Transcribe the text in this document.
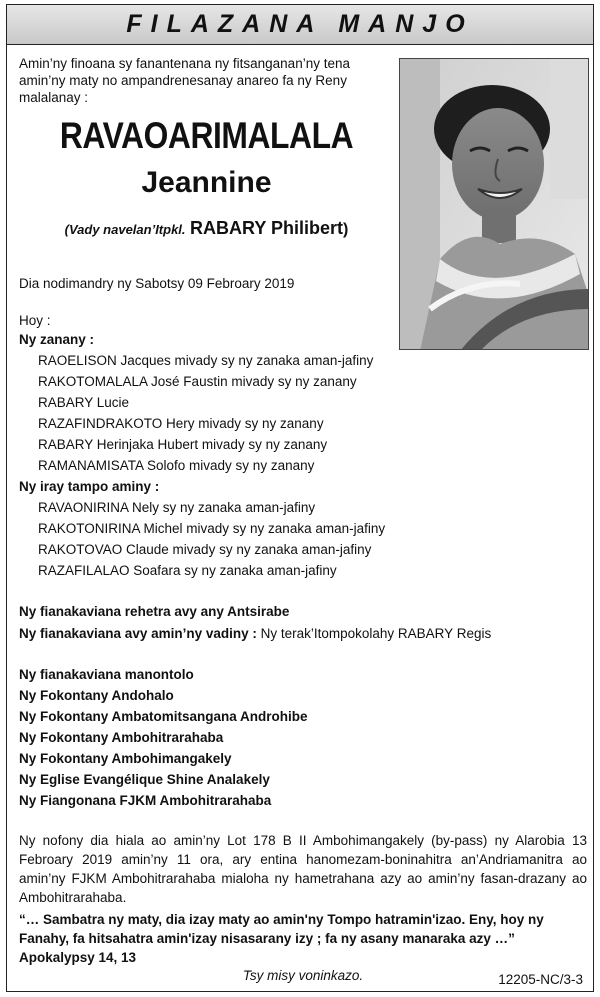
FILAZANA MANJO
Amin’ny finoana sy fanantenana ny fitsanganan’ny tena amin’ny maty no ampandrenesanay anareo fa ny Reny malalanay :
RAVAOARIMALALA
Jeannine
(Vady navelan’Itpkl. RABARY Philibert)
Dia nodimandry ny Sabotsy 09 Febroary 2019
Hoy :
Ny zanany :
RAOELISON Jacques mivady sy ny zanaka aman-jafiny
RAKOTOMALALA José Faustin mivady sy ny zanany
RABARY Lucie
RAZAFINDRAKOTO Hery mivady sy ny zanany
RABARY Herinjaka Hubert mivady sy ny zanany
RAMANAMISATA Solofo mivady sy ny zanany
Ny iray tampo aminy :
RAVAONIRINA Nely sy ny zanaka aman-jafiny
RAKOTONIRINA Michel mivady sy ny zanaka aman-jafiny
RAKOTOVAO Claude mivady sy ny zanaka aman-jafiny
RAZAFILALAO Soafara sy ny zanaka aman-jafiny
Ny fianakaviana rehetra avy any Antsirabe
Ny fianakaviana avy amin’ny vadiny : Ny terak’Itompokolahy RABARY Regis
Ny fianakaviana manontolo
Ny Fokontany Andohalo
Ny Fokontany Ambatomitsangana Androhibe
Ny Fokontany Ambohitrarahaba
Ny Fokontany Ambohimangakely
Ny Eglise Evangélique Shine Analakely
Ny Fiangonana FJKM Ambohitrarahaba
Ny nofony dia hiala ao amin’ny Lot 178 B II Ambohimangakely (by-pass) ny Alarobia 13 Febroary 2019 amin’ny 11 ora, ary entina hanomezam-boninahitra an’Andriamanitra ao amin’ny FJKM Ambohitrarahaba mialoha ny hametrahana azy ao amin’ny fasan-drazany ao Ambohitrarahaba.
“… Sambatra ny maty, dia izay maty ao amin'ny Tompo hatramin'izao. Eny, hoy ny Fanahy, fa hitsahatra amin'izay nisasarany izy ; fa ny asany manaraka azy …” Apokalypsy 14, 13
Tsy misy voninkazo.	12205-NC/3-3
